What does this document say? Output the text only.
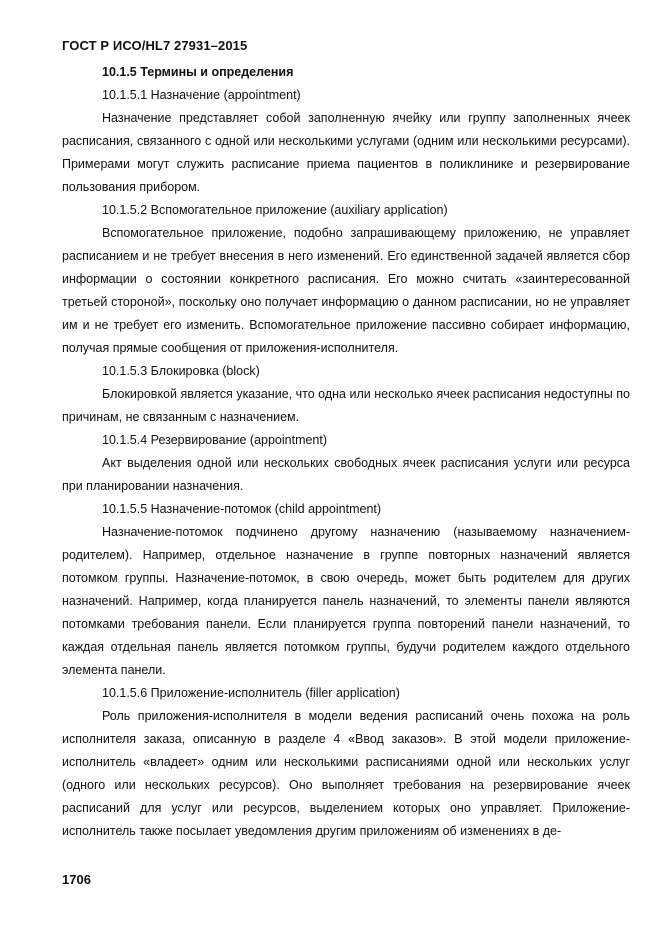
ГОСТ Р ИСО/HL7 27931–2015

10.1.5 Термины и определения

10.1.5.1 Назначение (appointment)

Назначение представляет собой заполненную ячейку или группу заполненных ячеек расписания, связанного с одной или несколькими услугами (одним или несколькими ресурсами). Примерами могут служить расписание приема пациентов в поликлинике и резервирование пользования прибором.

10.1.5.2 Вспомогательное приложение (auxiliary application)

Вспомогательное приложение, подобно запрашивающему приложению, не управляет расписанием и не требует внесения в него изменений. Его единственной задачей является сбор информации о состоянии конкретного расписания. Его можно считать «заинтересованной третьей стороной», поскольку оно получает информацию о данном расписании, но не управляет им и не требует его изменить. Вспомогательное приложение пассивно собирает информацию, получая прямые сообщения от приложения-исполнителя.

10.1.5.3 Блокировка (block)

Блокировкой является указание, что одна или несколько ячеек расписания недоступны по причинам, не связанным с назначением.

10.1.5.4 Резервирование (appointment)

Акт выделения одной или нескольких свободных ячеек расписания услуги или ресурса при планировании назначения.

10.1.5.5 Назначение-потомок (child appointment)

Назначение-потомок подчинено другому назначению (называемому назначением-родителем). Например, отдельное назначение в группе повторных назначений является потомком группы. Назначение-потомок, в свою очередь, может быть родителем для других назначений. Например, когда планируется панель назначений, то элементы панели являются потомками требования панели. Если планируется группа повторений панели назначений, то каждая отдельная панель является потомком группы, будучи родителем каждого отдельного элемента панели.

10.1.5.6 Приложение-исполнитель (filler application)

Роль приложения-исполнителя в модели ведения расписаний очень похожа на роль исполнителя заказа, описанную в разделе 4 «Ввод заказов». В этой модели приложение-исполнитель «владеет» одним или несколькими расписаниями одной или нескольких услуг (одного или нескольких ресурсов). Оно выполняет требования на резервирование ячеек расписаний для услуг или ресурсов, выделением которых оно управляет. Приложение-исполнитель также посылает уведомления другим приложениям об изменениях в де-

1706
